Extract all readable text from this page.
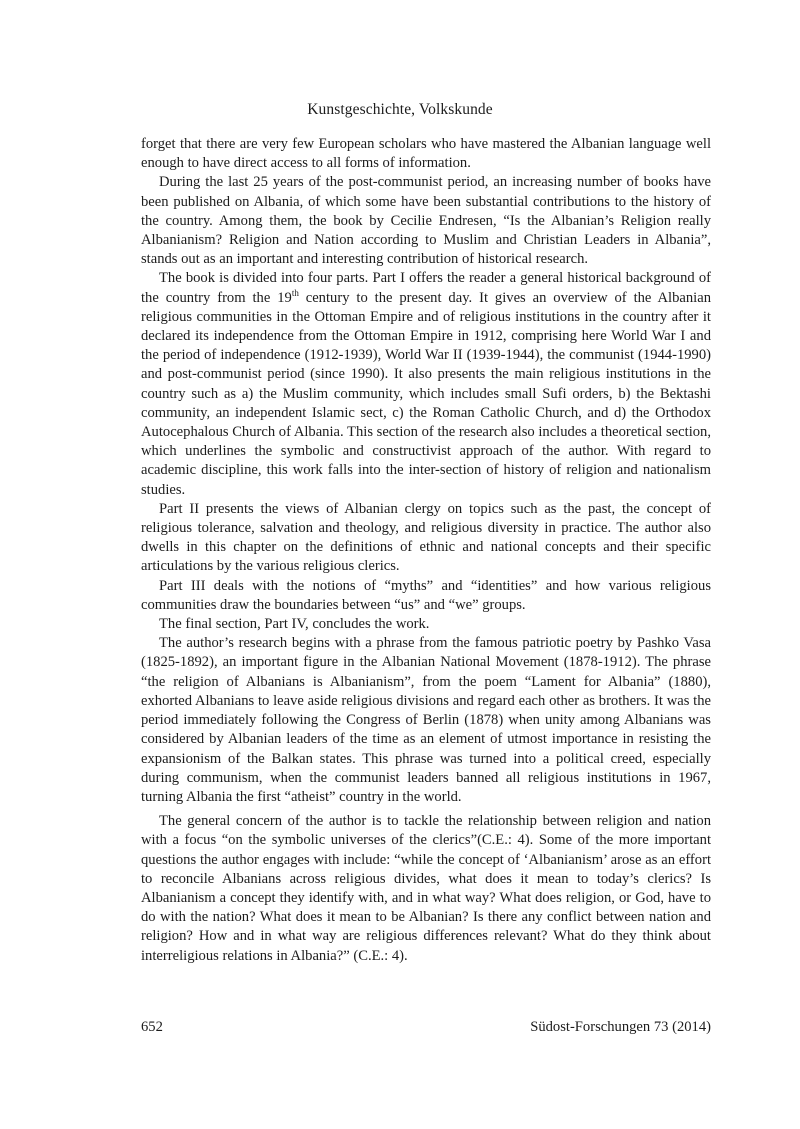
Kunstgeschichte, Volkskunde

forget that there are very few European scholars who have mastered the Albanian language well enough to have direct access to all forms of information.

During the last 25 years of the post-communist period, an increasing number of books have been published on Albania, of which some have been substantial contributions to the history of the country. Among them, the book by Cecilie Endresen, “Is the Albanian’s Religion really Albanianism? Religion and Nation according to Muslim and Christian Leaders in Albania”, stands out as an important and interesting contribution of historical research.

The book is divided into four parts. Part I offers the reader a general historical background of the country from the 19th century to the present day. It gives an overview of the Albanian religious communities in the Ottoman Empire and of religious institutions in the country after it declared its independence from the Ottoman Empire in 1912, comprising here World War I and the period of independence (1912-1939), World War II (1939-1944), the communist (1944-1990) and post-communist period (since 1990). It also presents the main religious institutions in the country such as a) the Muslim community, which includes small Sufi orders, b) the Bektashi community, an independent Islamic sect, c) the Roman Catholic Church, and d) the Orthodox Autocephalous Church of Albania. This section of the research also includes a theoretical section, which underlines the symbolic and constructivist approach of the author. With regard to academic discipline, this work falls into the inter-section of history of religion and nationalism studies.

Part II presents the views of Albanian clergy on topics such as the past, the concept of religious tolerance, salvation and theology, and religious diversity in practice. The author also dwells in this chapter on the definitions of ethnic and national concepts and their specific articulations by the various religious clerics.

Part III deals with the notions of “myths” and “identities” and how various religious communities draw the boundaries between “us” and “we” groups.

The final section, Part IV, concludes the work.

The author’s research begins with a phrase from the famous patriotic poetry by Pashko Vasa (1825-1892), an important figure in the Albanian National Movement (1878-1912). The phrase “the religion of Albanians is Albanianism”, from the poem “Lament for Albania” (1880), exhorted Albanians to leave aside religious divisions and regard each other as brothers. It was the period immediately following the Congress of Berlin (1878) when unity among Albanians was considered by Albanian leaders of the time as an element of utmost importance in resisting the expansionism of the Balkan states. This phrase was turned into a political creed, especially during communism, when the communist leaders banned all religious institutions in 1967, turning Albania the first “atheist” country in the world.

The general concern of the author is to tackle the relationship between religion and nation with a focus “on the symbolic universes of the clerics”(C.E.: 4). Some of the more important questions the author engages with include: “while the concept of ‘Albanianism’ arose as an effort to reconcile Albanians across religious divides, what does it mean to today’s clerics? Is Albanianism a concept they identify with, and in what way? What does religion, or God, have to do with the nation? What does it mean to be Albanian? Is there any conflict between nation and religion? How and in what way are religious differences relevant? What do they think about interreligious relations in Albania?” (C.E.: 4).

652	Südost-Forschungen 73 (2014)
